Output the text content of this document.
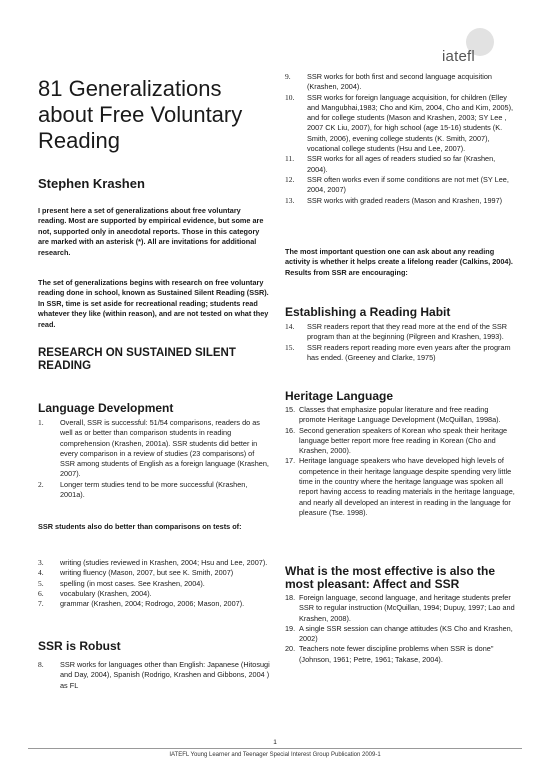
iatefl
81 Generalizations about Free Voluntary Reading
Stephen Krashen

I present here a set of generalizations about free voluntary reading. Most are supported by empirical evidence, but some are not, supported only in anecdotal reports. Those in this category are marked with an asterisk (*). All are invitations for additional research.

The set of generalizations begins with research on free voluntary reading done in school, known as Sustained Silent Reading (SSR). In SSR, time is set aside for recreational reading; students read whatever they like (within reason), and are not tested on what they read.

RESEARCH ON SUSTAINED SILENT READING
Language Development
1. Overall, SSR is successful: 51/54 comparisons, readers do as well as or better than comparison students in reading comprehension (Krashen, 2001a). SSR students did better in every comparison in a review of studies (23 comparisons) of SSR among students of English as a foreign language (Krashen, 2007).
2. Longer term studies tend to be more successful (Krashen, 2001a).

SSR students also do better than comparisons on tests of:

3. writing (studies reviewed in Krashen, 2004; Hsu and Lee, 2007).
4. writing fluency (Mason, 2007, but see K. Smith, 2007)
5. spelling (in most cases. See Krashen, 2004).
6. vocabulary (Krashen, 2004).
7. grammar (Krashen, 2004; Rodrogo, 2006; Mason, 2007).
SSR is Robust
8. SSR works for languages other than English: Japanese (Hitosugi and Day, 2004), Spanish (Rodrigo, Krashen and Gibbons, 2004 ) as FL
9. SSR works for both first and second language acquisition (Krashen, 2004).
10. SSR works for foreign language acquisition, for children (Elley and Mangubhai,1983; Cho and Kim, 2004, Cho and Kim, 2005), and for college students (Mason and Krashen, 2003; SY Lee , 2007 CK Liu, 2007), for high school (age 15-16) students (K. Smith, 2006), evening college students (K. Smith, 2007), vocational college students (Hsu and Lee, 2007).
11. SSR works for all ages of readers studied so far (Krashen, 2004).
12. SSR often works even if some conditions are not met (SY Lee, 2004, 2007)
13. SSR works with graded readers (Mason and Krashen, 1997)

The most important question one can ask about any reading activity is whether it helps create a lifelong reader (Calkins, 2004). Results from SSR are encouraging:

Establishing a Reading Habit
14. SSR readers report that they read more at the end of the SSR program than at the beginning (Pilgreen and Krashen, 1993).
15. SSR readers report reading more even years after the program has ended. (Greeney and Clarke, 1975)
Heritage Language
15. Classes that emphasize popular literature and free reading promote Heritage Language Development (McQuillan, 1998a).
16. Second generation speakers of Korean who speak their heritage language better report more free reading in Korean (Cho and Krashen, 2000).
17. Heritage language speakers who have developed high levels of competence in their heritage language despite spending very little time in the country where the heritage language was spoken all report having access to reading materials in the heritage language, and nearly all developed an interest in reading in the language for pleasure (Tse. 1998).
What is the most effective is also the most pleasant: Affect and SSR
18. Foreign language, second language, and heritage students prefer SSR to regular instruction (McQuillan, 1994; Dupuy, 1997; Lao and Krashen, 2008).
19. A single SSR session can change attitudes (KS Cho and Krashen, 2002)
20. Teachers note fewer discipline problems when SSR is done" (Johnson, 1961; Petre, 1961; Takase, 2004).
1
IATEFL Young Learner and Teenager Special Interest Group Publication 2009-1
